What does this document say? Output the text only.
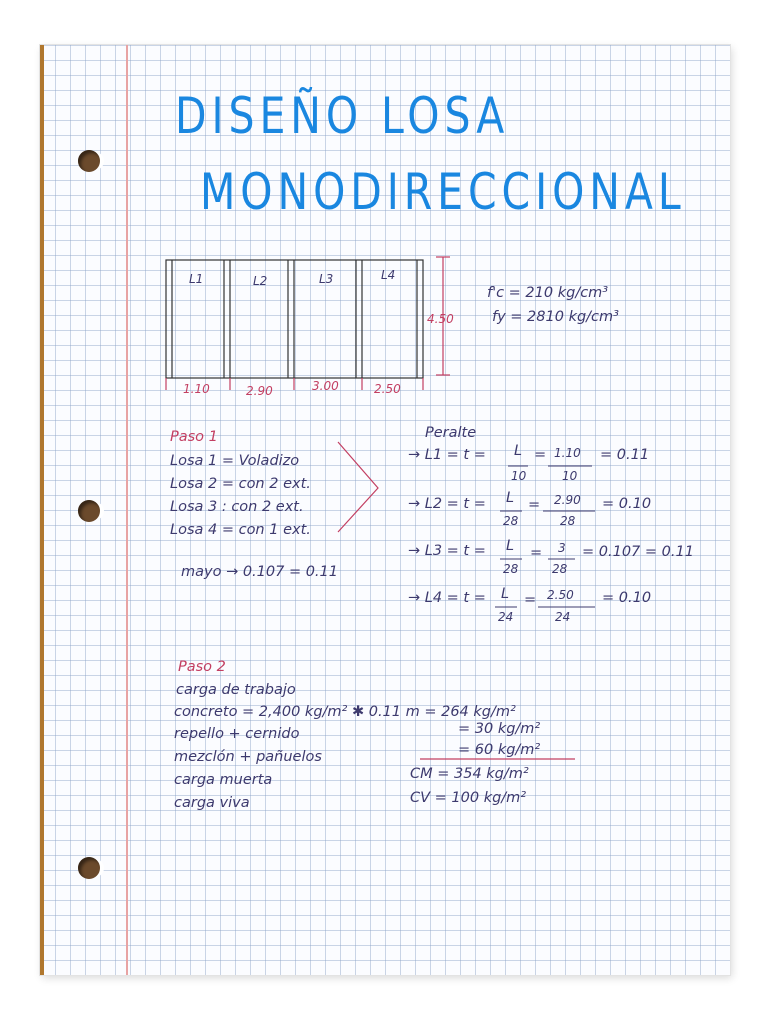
DISEÑO LOSA
MONODIRECCIONAL
L1	L2	L3	L4
1.10	2.90	3.00	2.50
4.50
f'c = 210 kg/cm³
fy = 2810 kg/cm³
Paso 1
Losa 1 = Voladizo
Losa 2 = con 2 ext.
Losa 3 : con 2 ext.
Losa 4 = con 1 ext.
mayo → 0.107 = 0.11
Peralte
→ L1 = t = L
10
= 1.10
10
= 0.11
→ L2 = t = L
28
= 2.90
28
= 0.10
→ L3 = t = L
28
= 3
28
= 0.107 = 0.11
→ L4 = t = L
24
= 2.50
24
= 0.10
Paso 2
carga de trabajo
concreto = 2,400 kg/m² ✱ 0.11 m = 264 kg/m²
repello + cernido	= 30 kg/m²
mezclón + pañuelos	= 60 kg/m²
carga muerta	CM = 354 kg/m²
carga viva	CV = 100 kg/m²
